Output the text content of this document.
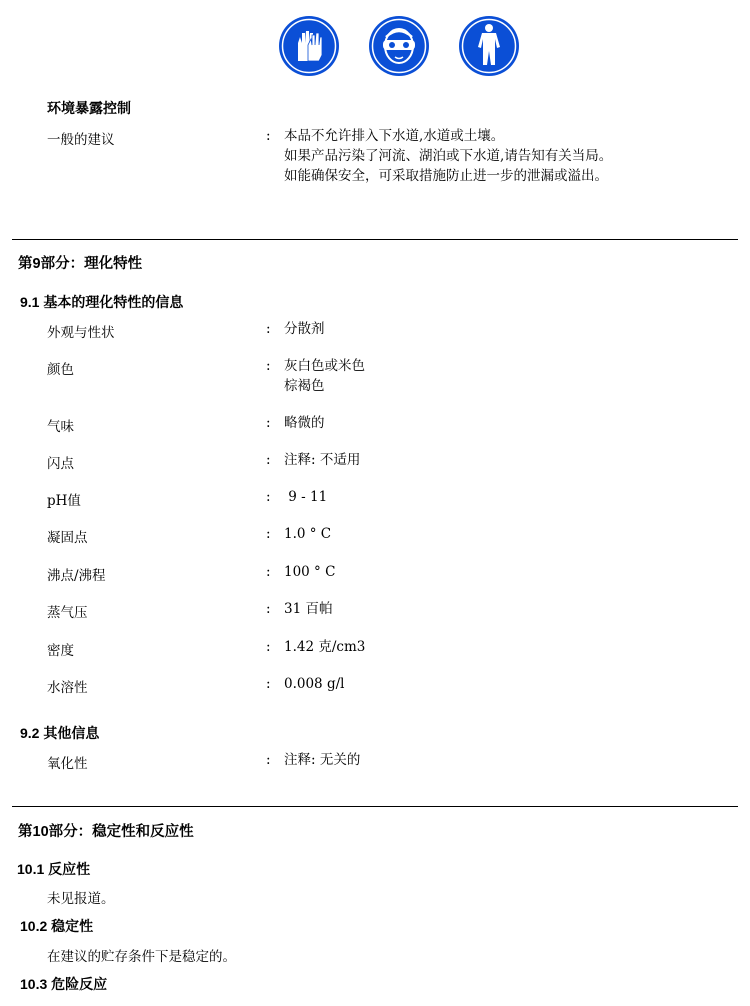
环境暴露控制
一般的建议	: 本品不允许排入下水道,水道或土壤。
如果产品污染了河流、湖泊或下水道,请告知有关当局。
如能确保安全，可采取措施防止进一步的泄漏或溢出。
第9部分：理化特性
9.1 基本的理化特性的信息
外观与性状	: 分散剂
颜色	: 灰白色或米色
棕褐色
气味	: 略微的
闪点	: 注释: 不适用
pH值	: 9 - 11
凝固点	: 1.0 ° C
沸点/沸程	: 100 ° C
蒸气压	: 31 百帕
密度	: 1.42 克/cm3
水溶性	: 0.008 g/l
9.2 其他信息
氧化性	: 注释: 无关的
第10部分：稳定性和反应性
10.1 反应性
未见报道。
10.2 稳定性
在建议的贮存条件下是稳定的。
10.3 危险反应
